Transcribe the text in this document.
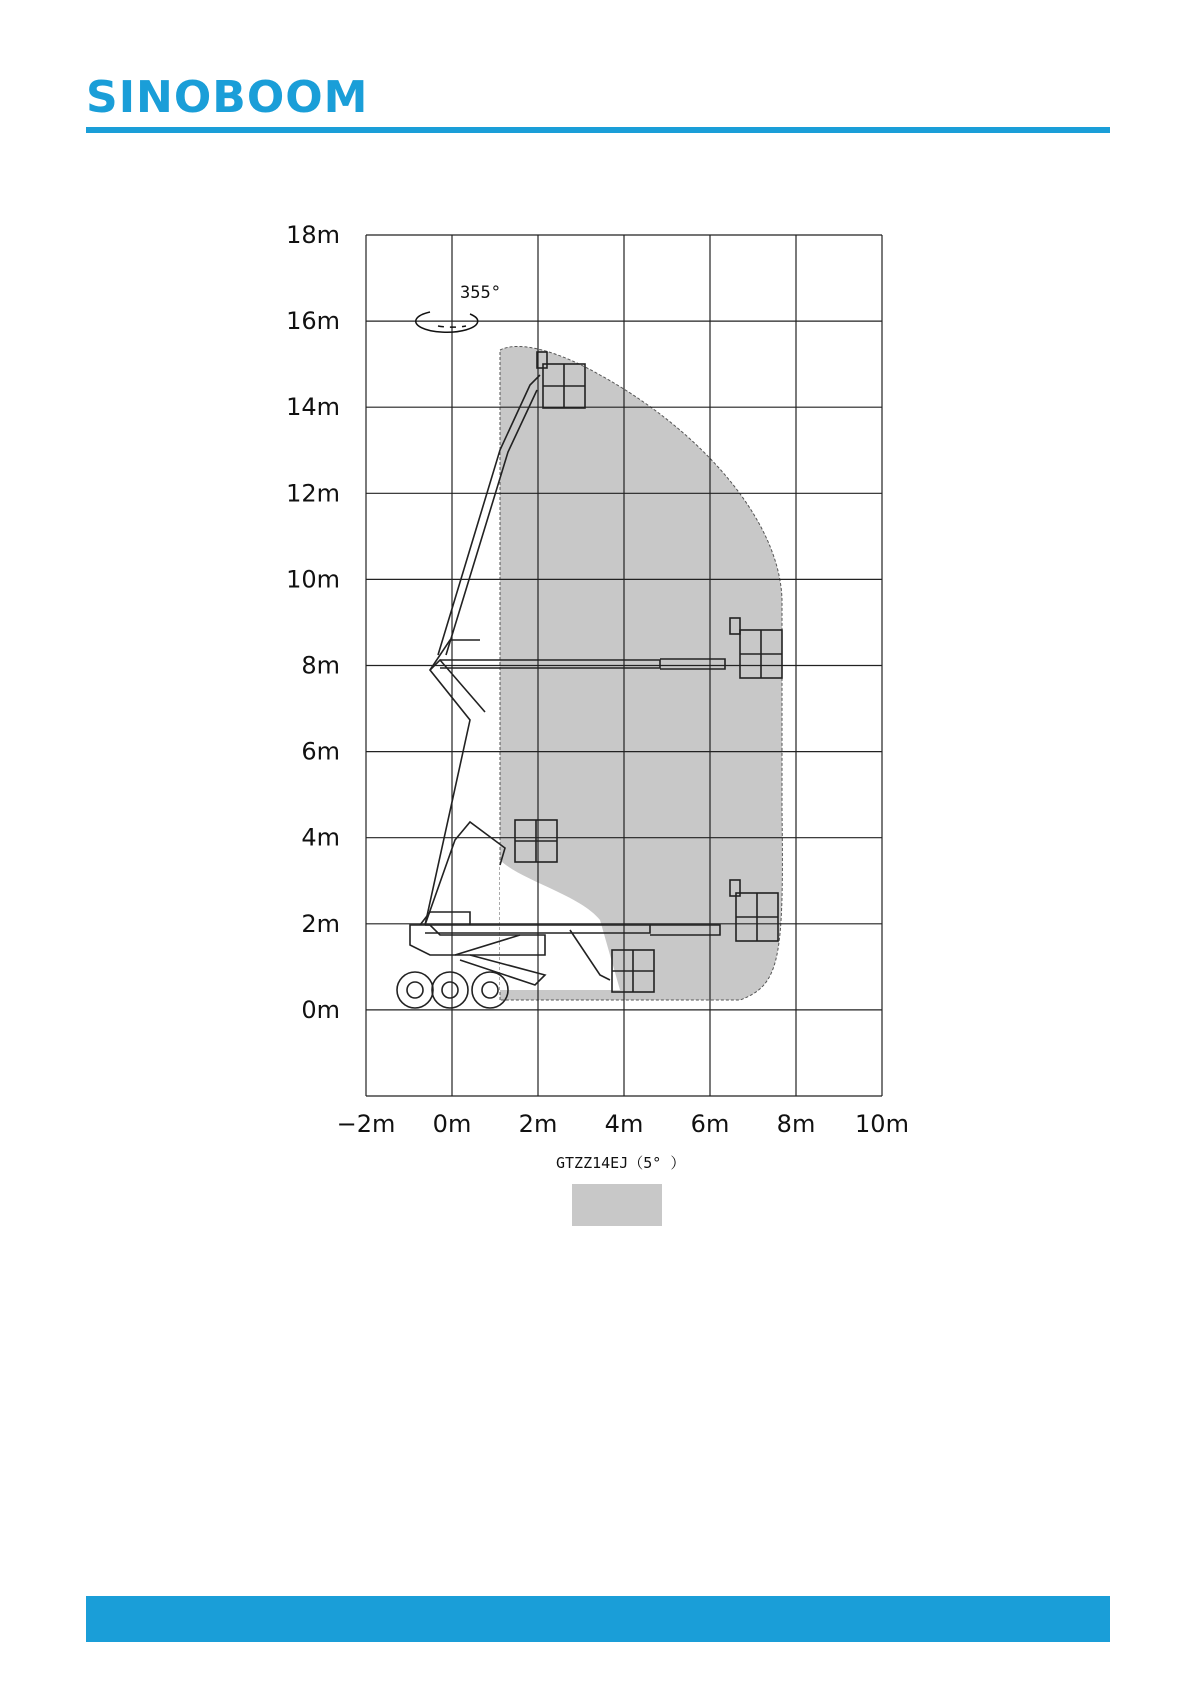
SINOBOOM
355°
−2m 0m 2m 4m 6m 8m 10m
0m
2m
4m
6m
8m
10m
12m
14m
16m
18m
GTZZ14EJ（5° ）
